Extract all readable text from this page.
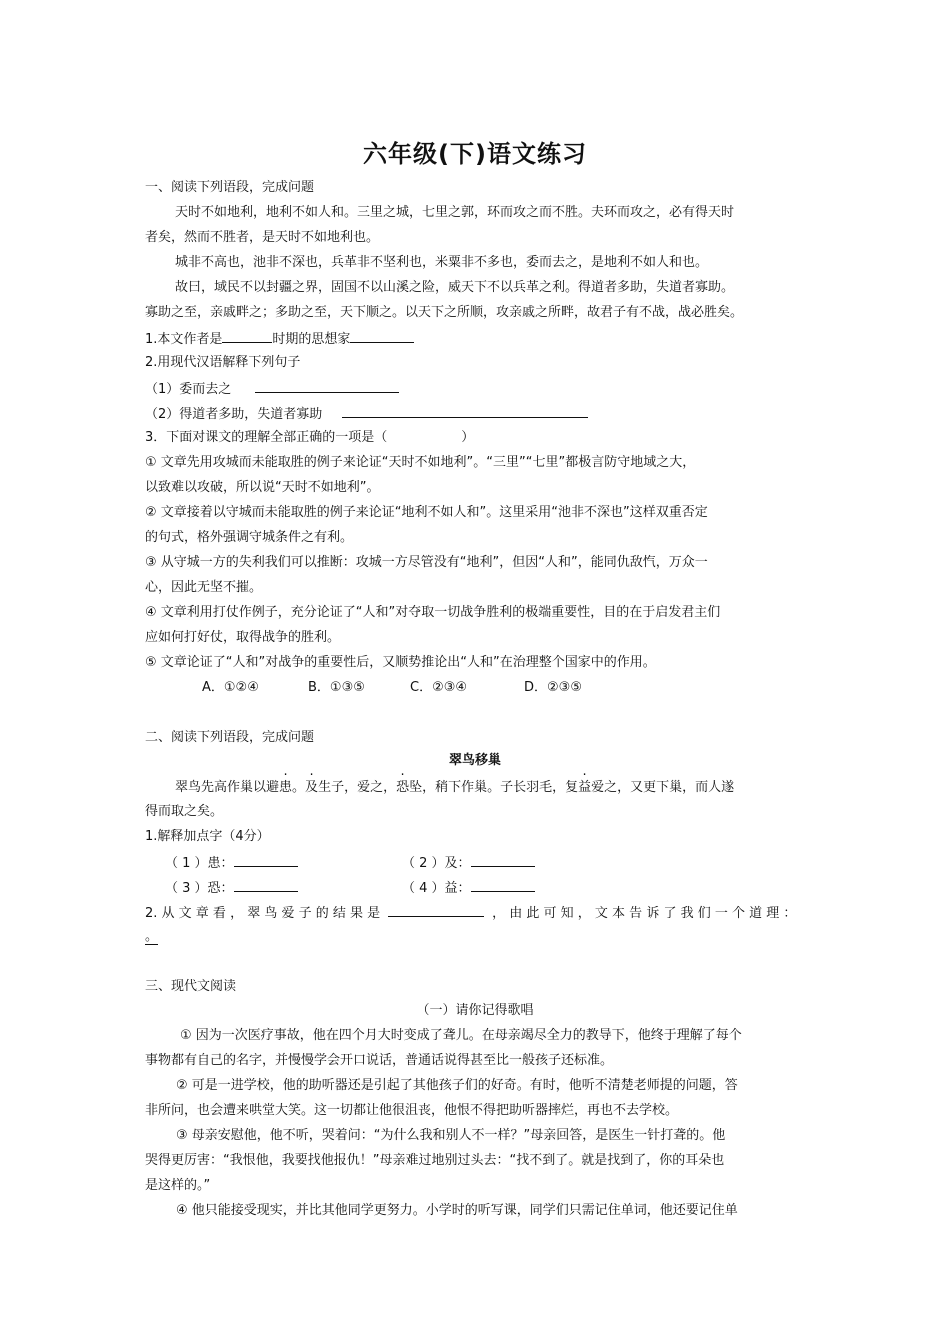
六年级(下)语文练习
一、阅读下列语段，完成问题
天时不如地利，地利不如人和。三里之城，七里之郭，环而攻之而不胜。夫环而攻之，必有得天时
者矣，然而不胜者，是天时不如地利也。
城非不高也，池非不深也，兵革非不坚利也，米粟非不多也，委而去之，是地利不如人和也。
故曰，域民不以封疆之界，固国不以山溪之险，威天下不以兵革之利。得道者多助，失道者寡助。
寡助之至，亲戚畔之；多助之至，天下顺之。以天下之所顺，攻亲戚之所畔，故君子有不战，战必胜矣。
1.本文作者是	时期的思想家
2.用现代汉语解释下列句子
（1）委而去之
（2）得道者多助，失道者寡助
3．下面对课文的理解全部正确的一项是（	）
① 文章先用攻城而未能取胜的例子来论证“天时不如地利”。“三里”“七里”都极言防守地域之大，
以致难以攻破，所以说“天时不如地利”。
② 文章接着以守城而未能取胜的例子来论证“地利不如人和”。这里采用“池非不深也”这样双重否定
的句式，格外强调守城条件之有利。
③ 从守城一方的失利我们可以推断：攻城一方尽管没有“地利”，但因“人和”，能同仇敌忾，万众一
心，因此无坚不摧。
④ 文章利用打仗作例子，充分论证了“人和”对夺取一切战争胜利的极端重要性，目的在于启发君主们
应如何打好仗，取得战争的胜利。
⑤ 文章论证了“人和”对战争的重要性后，又顺势推论出“人和”在治理整个国家中的作用。
A．①②④	B．①③⑤	C．②③④	D．②③⑤
二、阅读下列语段，完成问题
翠鸟移巢
翠鸟先高作巢以避患。及生子，爱之，恐坠，稍下作巢。子长羽毛，复益爱之，又更下巢，而人遂
得而取之矣。
1.解释加点字（4分）
（ 1 ）患：	（ 2 ）及：
（ 3 ）恐：	（ 4 ）益：
2. 从 文 章 看 ， 翠 鸟 爱 子 的 结 果 是	， 由 此 可 知 ， 文 本 告 诉 了 我 们 一 个 道 理 ：
。
三、现代文阅读
（一）请你记得歌唱
① 因为一次医疗事故，他在四个月大时变成了聋儿。在母亲竭尽全力的教导下，他终于理解了每个
事物都有自己的名字，并慢慢学会开口说话，普通话说得甚至比一般孩子还标准。
② 可是一进学校，他的助听器还是引起了其他孩子们的好奇。有时，他听不清楚老师提的问题，答
非所问，也会遭来哄堂大笑。这一切都让他很沮丧，他恨不得把助听器摔烂，再也不去学校。
③ 母亲安慰他，他不听，哭着问：“为什么我和别人不一样？”母亲回答，是医生一针打聋的。他
哭得更厉害：“我恨他，我要找他报仇！”母亲难过地别过头去：“找不到了。就是找到了，你的耳朵也
是这样的。”
④ 他只能接受现实，并比其他同学更努力。小学时的听写课，同学们只需记住单词，他还要记住单
